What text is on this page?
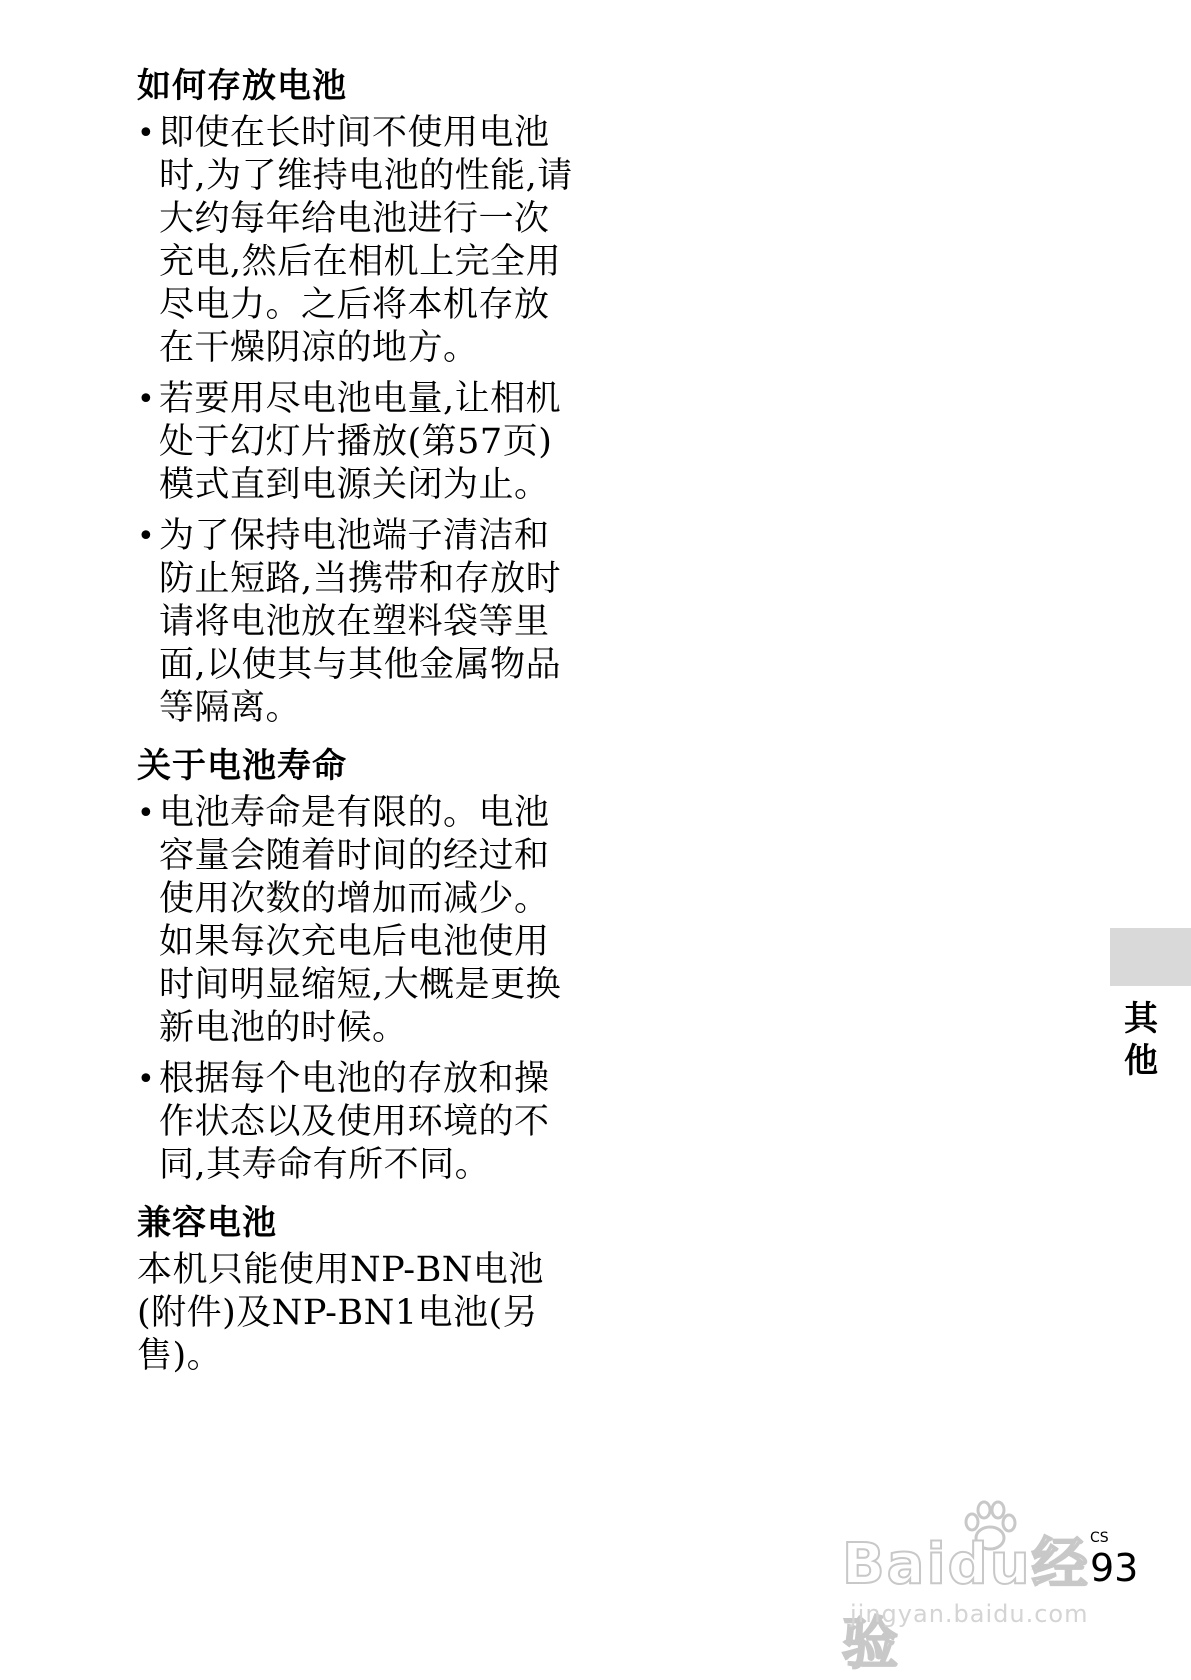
如何存放电池
• 即使在长时间不使用电池时,为了维持电池的性能,请大约每年给电池进行一次充电,然后在相机上完全用尽电力。之后将本机存放在干燥阴凉的地方。
• 若要用尽电池电量,让相机处于幻灯片播放(第57页)模式直到电源关闭为止。
• 为了保持电池端子清洁和防止短路,当携带和存放时请将电池放在塑料袋等里面,以使其与其他金属物品等隔离。
关于电池寿命
• 电池寿命是有限的。电池容量会随着时间的经过和使用次数的增加而减少。如果每次充电后电池使用时间明显缩短,大概是更换新电池的时候。
• 根据每个电池的存放和操作状态以及使用环境的不同,其寿命有所不同。
兼容电池

本机只能使用NP-BN电池(附件)及NP-BN1电池(另售)。

其
他
Baidu经验
jingyan.baidu.com
CS
93
